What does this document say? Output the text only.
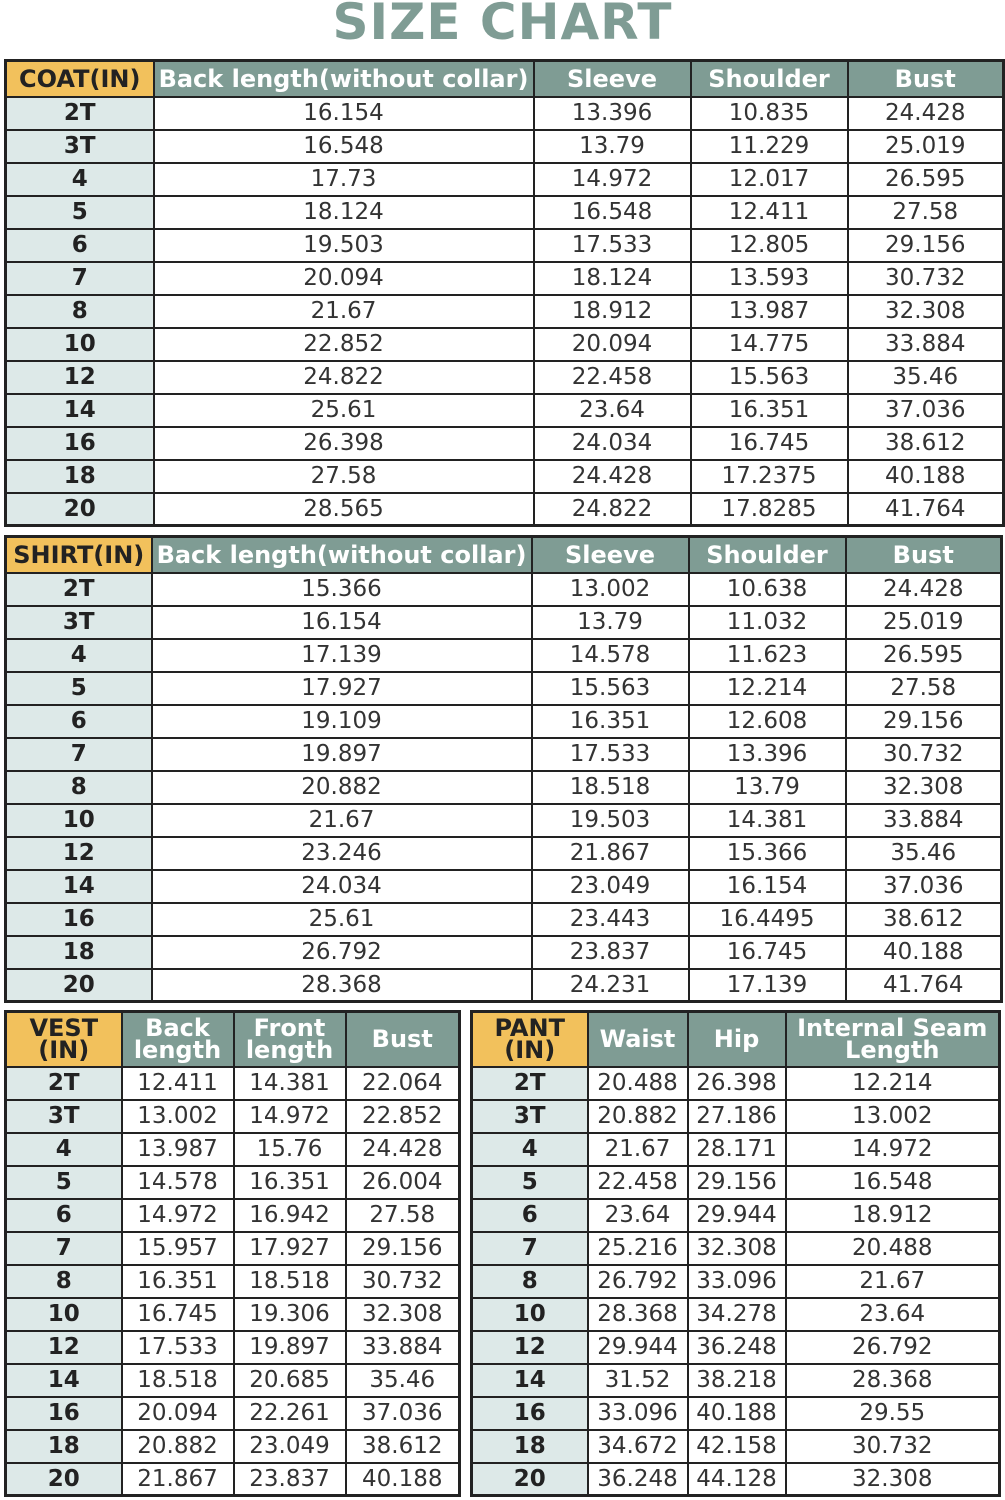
SIZE CHART
COAT(IN)	Back length(without collar)	Sleeve	Shoulder	Bust
2T	16.154	13.396	10.835	24.428
3T	16.548	13.79	11.229	25.019
4	17.73	14.972	12.017	26.595
5	18.124	16.548	12.411	27.58
6	19.503	17.533	12.805	29.156
7	20.094	18.124	13.593	30.732
8	21.67	18.912	13.987	32.308
10	22.852	20.094	14.775	33.884
12	24.822	22.458	15.563	35.46
14	25.61	23.64	16.351	37.036
16	26.398	24.034	16.745	38.612
18	27.58	24.428	17.2375	40.188
20	28.565	24.822	17.8285	41.764
SHIRT(IN)	Back length(without collar)	Sleeve	Shoulder	Bust
2T	15.366	13.002	10.638	24.428
3T	16.154	13.79	11.032	25.019
4	17.139	14.578	11.623	26.595
5	17.927	15.563	12.214	27.58
6	19.109	16.351	12.608	29.156
7	19.897	17.533	13.396	30.732
8	20.882	18.518	13.79	32.308
10	21.67	19.503	14.381	33.884
12	23.246	21.867	15.366	35.46
14	24.034	23.049	16.154	37.036
16	25.61	23.443	16.4495	38.612
18	26.792	23.837	16.745	40.188
20	28.368	24.231	17.139	41.764
VEST (IN)	Back length	Front length	Bust
2T	12.411	14.381	22.064
3T	13.002	14.972	22.852
4	13.987	15.76	24.428
5	14.578	16.351	26.004
6	14.972	16.942	27.58
7	15.957	17.927	29.156
8	16.351	18.518	30.732
10	16.745	19.306	32.308
12	17.533	19.897	33.884
14	18.518	20.685	35.46
16	20.094	22.261	37.036
18	20.882	23.049	38.612
20	21.867	23.837	40.188
PANT (IN)	Waist	Hip	Internal Seam Length
2T	20.488	26.398	12.214
3T	20.882	27.186	13.002
4	21.67	28.171	14.972
5	22.458	29.156	16.548
6	23.64	29.944	18.912
7	25.216	32.308	20.488
8	26.792	33.096	21.67
10	28.368	34.278	23.64
12	29.944	36.248	26.792
14	31.52	38.218	28.368
16	33.096	40.188	29.55
18	34.672	42.158	30.732
20	36.248	44.128	32.308
